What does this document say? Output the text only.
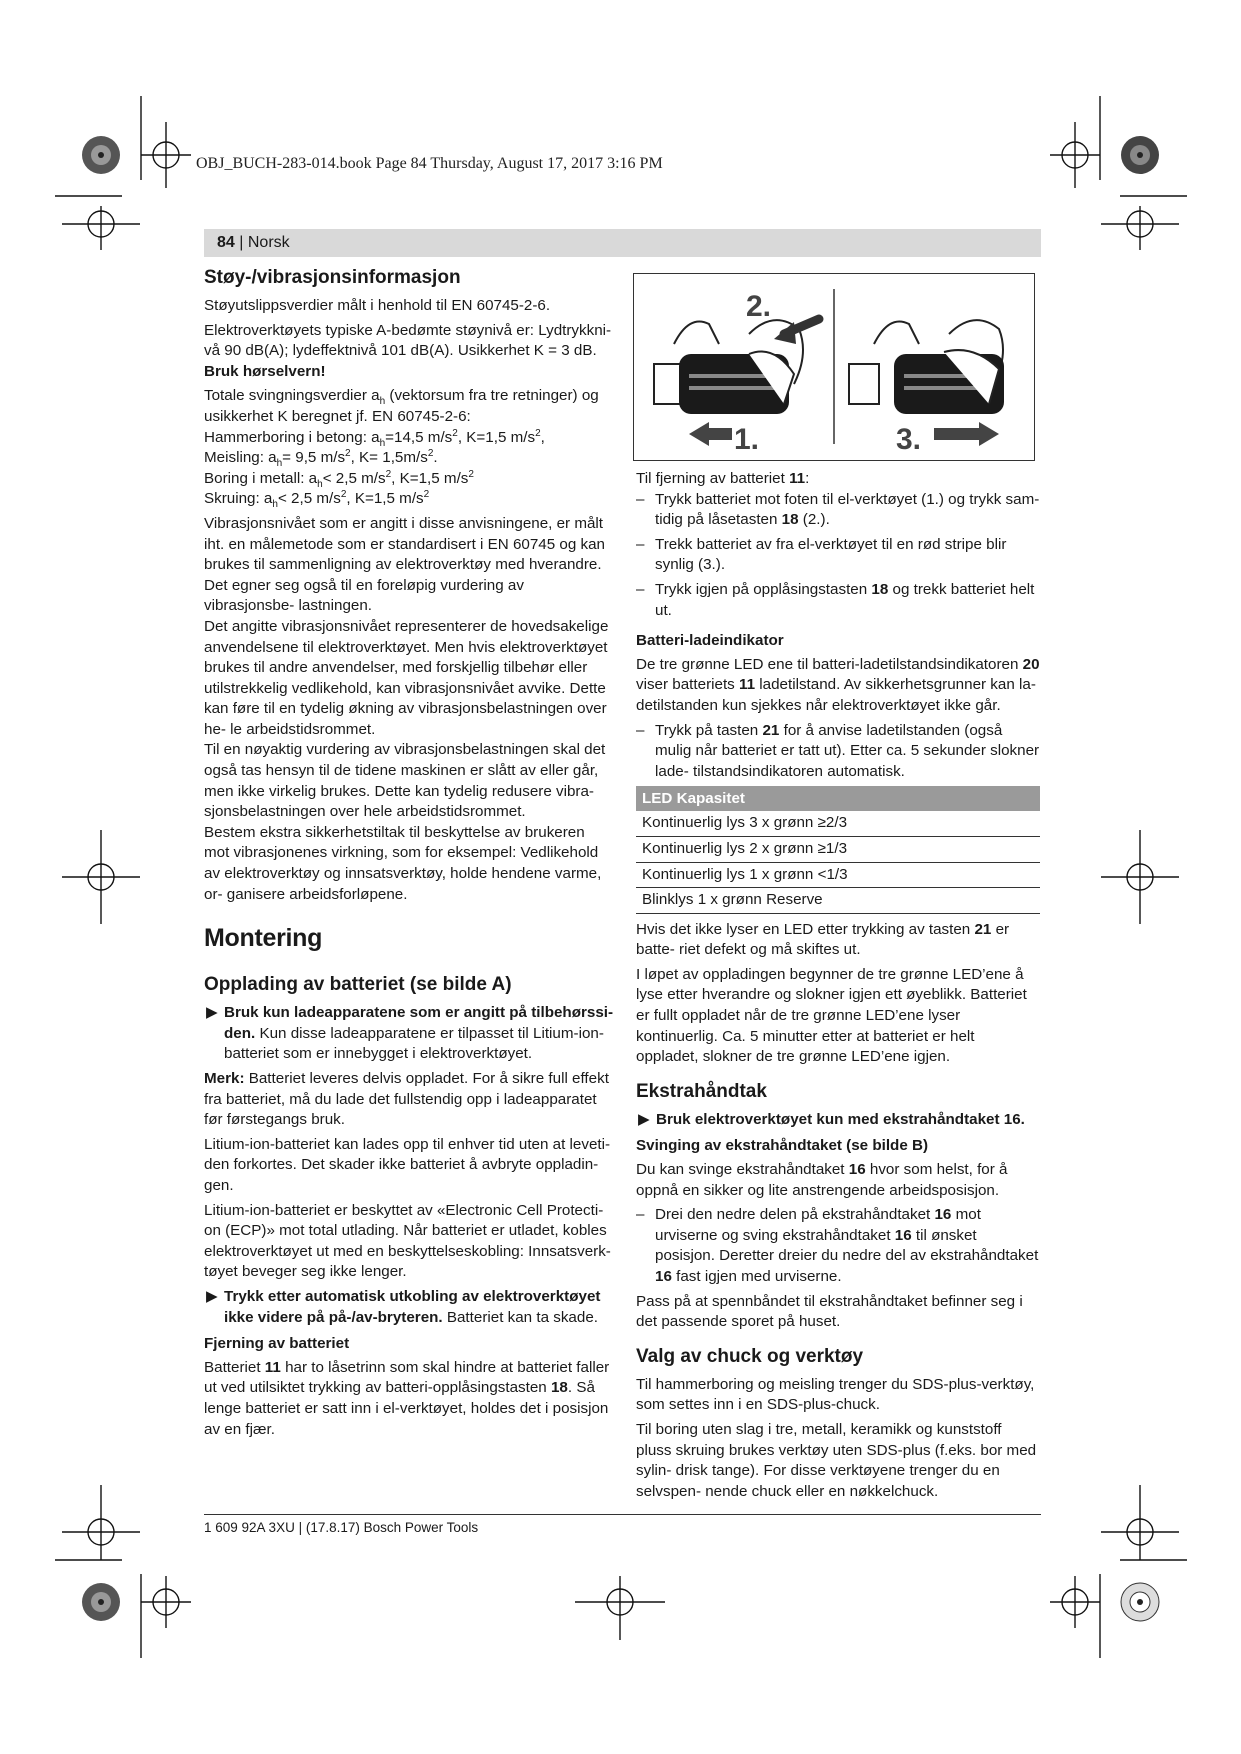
OBJ_BUCH-283-014.book Page 84 Thursday, August 17, 2017 3:16 PM
84 | Norsk
Støy-/vibrasjonsinformasjon

Støyutslippsverdier målt i henhold til EN 60745-2-6.

Elektroverktøyets typiske A-bedømte støynivå er: Lydtrykkni- vå 90 dB(A); lydeffektnivå 101 dB(A). Usikkerhet K = 3 dB.
Bruk hørselvern!

Totale svingningsverdier $a_h$ (vektorsum fra tre retninger) og usikkerhet K beregnet jf. EN 60745-2-6:
Hammerboring i betong: $a_h=14,5$ $m/s^2$, K=1,5 $m/s^2$,
Meisling: $a_h= 9,5$ $m/s^2$, $K= 1,5m/s^2$.
Boring i metall: $a_h< 2,5$ $m/s^2$, K=1,5 $m/s^2$
Skruing: $a_h< 2,5$ $m/s^2$, K=1,5 $m/s^2$

Vibrasjonsnivået som er angitt i disse anvisningene, er målt iht. en målemetode som er standardisert i EN 60745 og kan brukes til sammenligning av elektroverktøy med hverandre. Det egner seg også til en foreløpig vurdering av vibrasjonsbe- lastningen.

Det angitte vibrasjonsnivået representerer de hovedsakelige anvendelsene til elektroverktøyet. Men hvis elektroverktøyet brukes til andre anvendelser, med forskjellig tilbehør eller utilstrekkelig vedlikehold, kan vibrasjonsnivået avvike. Dette kan føre til en tydelig økning av vibrasjonsbelastningen over he- le arbeidstidsrommet.

Til en nøyaktig vurdering av vibrasjonsbelastningen skal det også tas hensyn til de tidene maskinen er slått av eller går, men ikke virkelig brukes. Dette kan tydelig redusere vibra- sjonsbelastningen over hele arbeidstidsrommet.

Bestem ekstra sikkerhetstiltak til beskyttelse av brukeren mot vibrasjonenes virkning, som for eksempel: Vedlikehold av elektroverktøy og innsatsverktøy, holde hendene varme, or- ganisere arbeidsforløpene.

Montering
Opplading av batteriet (se bilde A)
▶ Bruk kun ladeapparatene som er angitt på tilbehørssi- den. Kun disse ladeapparatene er tilpasset til Litium-ion- batteriet som er innebygget i elektroverktøyet.

Merk: Batteriet leveres delvis oppladet. For å sikre full effekt fra batteriet, må du lade det fullstendig opp i ladeapparatet før førstegangs bruk.

Litium-ion-batteriet kan lades opp til enhver tid uten at leveti- den forkortes. Det skader ikke batteriet å avbryte oppladin- gen.

Litium-ion-batteriet er beskyttet av «Electronic Cell Protecti- on (ECP)» mot total utlading. Når batteriet er utladet, kobles elektroverktøyet ut med en beskyttelseskobling: Innsatsverk- tøyet beveger seg ikke lenger.

▶ Trykk etter automatisk utkobling av elektroverktøyet ikke videre på på-/av-bryteren. Batteriet kan ta skade.
Fjerning av batteriet

Batteriet 11 har to låsetrinn som skal hindre at batteriet faller ut ved utilsiktet trykking av batteri-opplåsingstasten 18. Så lenge batteriet er satt inn i el-verktøyet, holdes det i posisjon av en fjær.

2.
1.	3.

Til fjerning av batteriet 11:

– Trykk batteriet mot foten til el-verktøyet (1.) og trykk sam- tidig på låsetasten 18 (2.).
– Trekk batteriet av fra el-verktøyet til en rød stripe blir synlig (3.).
– Trykk igjen på opplåsingstasten 18 og trekk batteriet helt ut.
Batteri-ladeindikator

De tre grønne LED ene til batteri-ladetilstandsindikatoren 20 viser batteriets 11 ladetilstand. Av sikkerhetsgrunner kan la- detilstanden kun sjekkes når elektroverktøyet ikke går.

– Trykk på tasten 21 for å anvise ladetilstanden (også mulig når batteriet er tatt ut). Etter ca. 5 sekunder slokner lade- tilstandsindikatoren automatisk.
LED Kapasitet
Kontinuerlig lys 3 x grønn ≥2/3
Kontinuerlig lys 2 x grønn ≥1/3
Kontinuerlig lys 1 x grønn <1/3
Blinklys 1 x grønn Reserve

Hvis det ikke lyser en LED etter trykking av tasten 21 er batte- riet defekt og må skiftes ut.

I løpet av oppladingen begynner de tre grønne LED’ene å lyse etter hverandre og slokner igjen ett øyeblikk. Batteriet er fullt oppladet når de tre grønne LED’ene lyser kontinuerlig. Ca. 5 minutter etter at batteriet er helt oppladet, slokner de tre grønne LED’ene igjen.

Ekstrahåndtak
▶ Bruk elektroverktøyet kun med ekstrahåndtaket 16.
Svinging av ekstrahåndtaket (se bilde B)

Du kan svinge ekstrahåndtaket 16 hvor som helst, for å oppnå en sikker og lite anstrengende arbeidsposisjon.

– Drei den nedre delen på ekstrahåndtaket 16 mot urviserne og sving ekstrahåndtaket 16 til ønsket posisjon. Deretter dreier du nedre del av ekstrahåndtaket 16 fast igjen med urviserne.

Pass på at spennbåndet til ekstrahåndtaket befinner seg i det passende sporet på huset.

Valg av chuck og verktøy

Til hammerboring og meisling trenger du SDS-plus-verktøy, som settes inn i en SDS-plus-chuck.

Til boring uten slag i tre, metall, keramikk og kunststoff pluss skruing brukes verktøy uten SDS-plus (f.eks. bor med sylin- drisk tange). For disse verktøyene trenger du en selvspen- nende chuck eller en nøkkelchuck.

1 609 92A 3XU | (17.8.17) Bosch Power Tools
